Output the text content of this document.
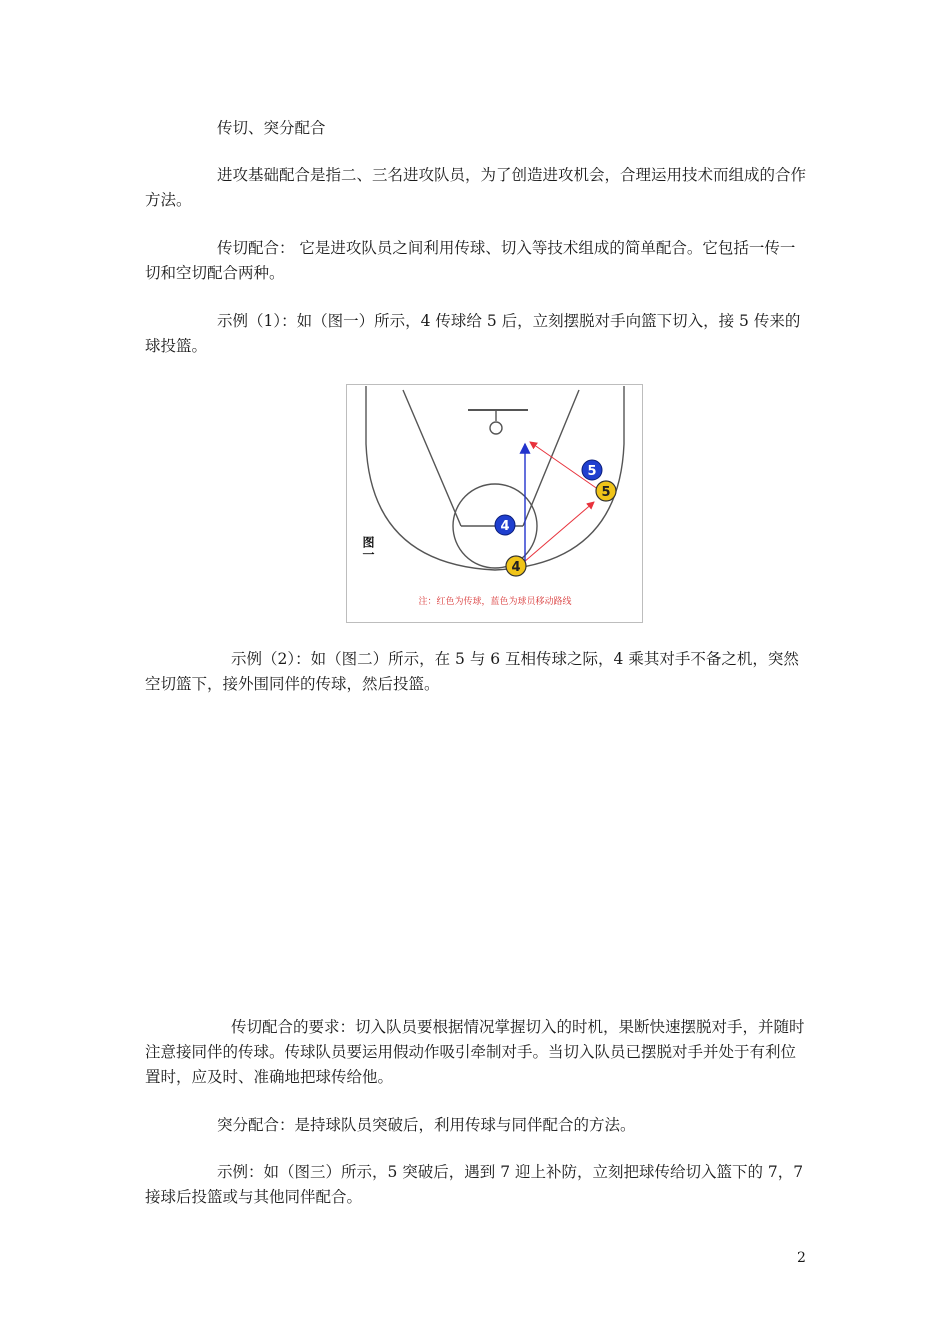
传切、突分配合

进攻基础配合是指二、三名进攻队员，为了创造进攻机会，合理运用技术而组成的合作方法。

传切配合： 它是进攻队员之间利用传球、切入等技术组成的简单配合。它包括一传一切和空切配合两种。

示例（1）：如（图一）所示，4 传球给 5 后，立刻摆脱对手向篮下切入，接 5 传来的球投篮。

5
5
4
4
图一
注：红色为传球，蓝色为球员移动路线

示例（2）：如（图二）所示，在 5 与 6 互相传球之际，4 乘其对手不备之机，突然空切篮下，接外围同伴的传球，然后投篮。

传切配合的要求：切入队员要根据情况掌握切入的时机，果断快速摆脱对手，并随时注意接同伴的传球。传球队员要运用假动作吸引牵制对手。当切入队员已摆脱对手并处于有利位置时，应及时、准确地把球传给他。

突分配合：是持球队员突破后，利用传球与同伴配合的方法。

示例：如（图三）所示，5 突破后，遇到 7 迎上补防，立刻把球传给切入篮下的 7，7 接球后投篮或与其他同伴配合。

2
